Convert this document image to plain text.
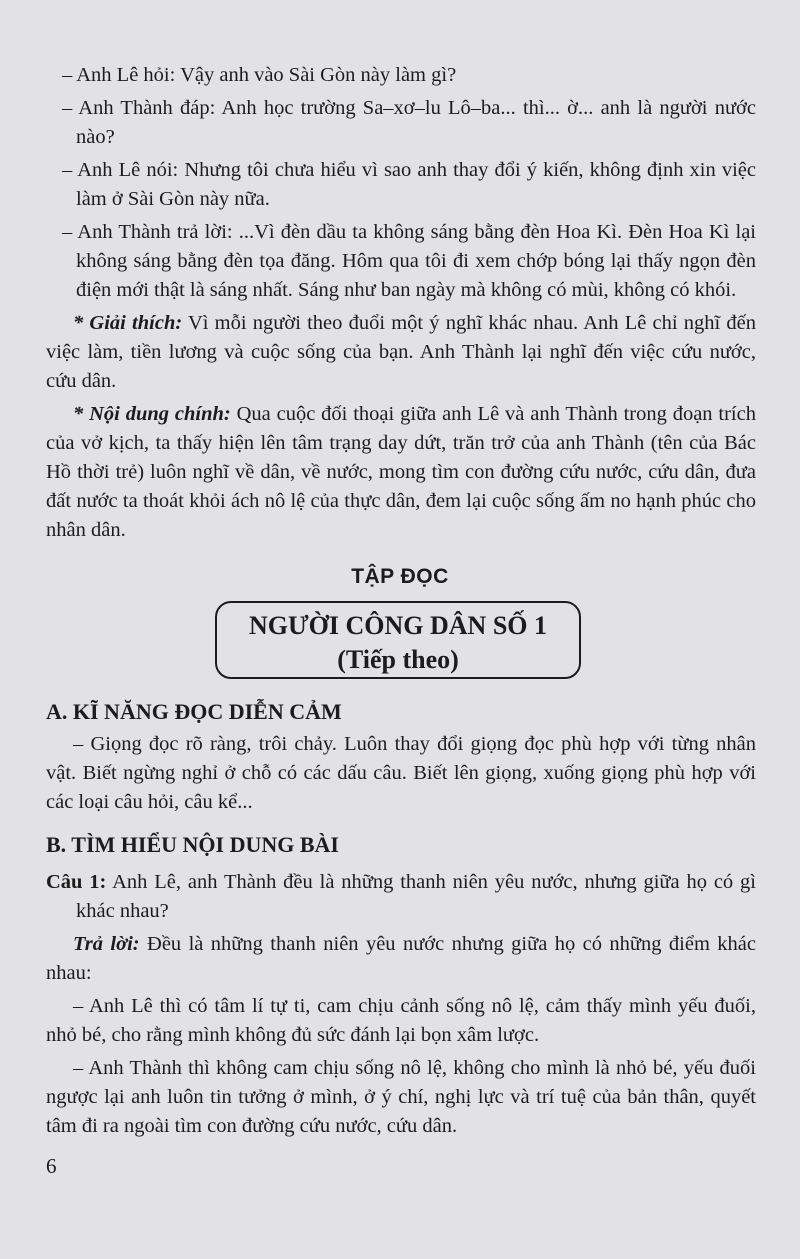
– Anh Lê hỏi: Vậy anh vào Sài Gòn này làm gì?
– Anh Thành đáp: Anh học trường Sa–xơ–lu Lô–ba... thì... ờ... anh là người nước nào?
– Anh Lê nói: Nhưng tôi chưa hiểu vì sao anh thay đổi ý kiến, không định xin việc làm ở Sài Gòn này nữa.
– Anh Thành trả lời: ...Vì đèn dầu ta không sáng bằng đèn Hoa Kì. Đèn Hoa Kì lại không sáng bằng đèn tọa đăng. Hôm qua tôi đi xem chớp bóng lại thấy ngọn đèn điện mới thật là sáng nhất. Sáng như ban ngày mà không có mùi, không có khói.
* Giải thích: Vì mỗi người theo đuổi một ý nghĩ khác nhau. Anh Lê chỉ nghĩ đến việc làm, tiền lương và cuộc sống của bạn. Anh Thành lại nghĩ đến việc cứu nước, cứu dân.
* Nội dung chính: Qua cuộc đối thoại giữa anh Lê và anh Thành trong đoạn trích của vở kịch, ta thấy hiện lên tâm trạng day dứt, trăn trở của anh Thành (tên của Bác Hồ thời trẻ) luôn nghĩ về dân, về nước, mong tìm con đường cứu nước, cứu dân, đưa đất nước ta thoát khỏi ách nô lệ của thực dân, đem lại cuộc sống ấm no hạnh phúc cho nhân dân.
TẬP ĐỌC
NGƯỜI CÔNG DÂN SỐ 1
(Tiếp theo)
A. KĨ NĂNG ĐỌC DIỄN CẢM
– Giọng đọc rõ ràng, trôi chảy. Luôn thay đổi giọng đọc phù hợp với từng nhân vật. Biết ngừng nghỉ ở chỗ có các dấu câu. Biết lên giọng, xuống giọng phù hợp với các loại câu hỏi, câu kể...
B. TÌM HIỂU NỘI DUNG BÀI
Câu 1: Anh Lê, anh Thành đều là những thanh niên yêu nước, nhưng giữa họ có gì khác nhau?
Trả lời: Đều là những thanh niên yêu nước nhưng giữa họ có những điểm khác nhau:
– Anh Lê thì có tâm lí tự ti, cam chịu cảnh sống nô lệ, cảm thấy mình yếu đuối, nhỏ bé, cho rằng mình không đủ sức đánh lại bọn xâm lược.
– Anh Thành thì không cam chịu sống nô lệ, không cho mình là nhỏ bé, yếu đuối ngược lại anh luôn tin tưởng ở mình, ở ý chí, nghị lực và trí tuệ của bản thân, quyết tâm đi ra ngoài tìm con đường cứu nước, cứu dân.
6
